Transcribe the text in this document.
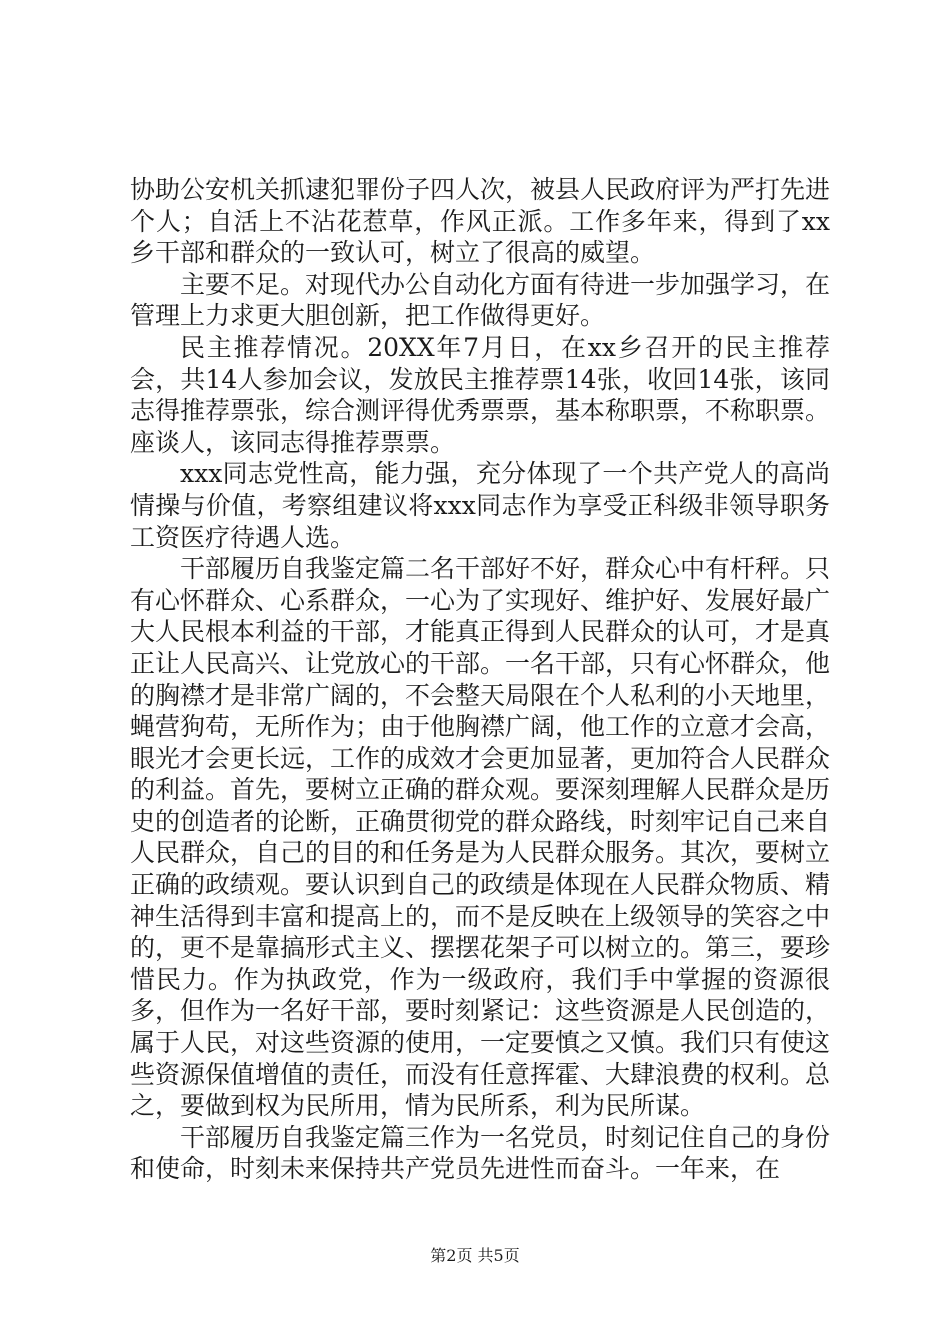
协助公安机关抓逮犯罪份子四人次，被县人民政府评为严打先进个人；自活上不沾花惹草，作风正派。工作多年来，得到了xx乡干部和群众的一致认可，树立了很高的威望。

主要不足。对现代办公自动化方面有待进一步加强学习，在管理上力求更大胆创新，把工作做得更好。

民主推荐情况。20XX年7月日，在xx乡召开的民主推荐会，共14人参加会议，发放民主推荐票14张，收回14张，该同志得推荐票张，综合测评得优秀票票，基本称职票，不称职票。座谈人，该同志得推荐票票。

xxx同志党性高，能力强，充分体现了一个共产党人的高尚情操与价值，考察组建议将xxx同志作为享受正科级非领导职务工资医疗待遇人选。

干部履历自我鉴定篇二名干部好不好，群众心中有杆秤。只有心怀群众、心系群众，一心为了实现好、维护好、发展好最广大人民根本利益的干部，才能真正得到人民群众的认可，才是真正让人民高兴、让党放心的干部。一名干部，只有心怀群众，他的胸襟才是非常广阔的，不会整天局限在个人私利的小天地里，蝇营狗苟，无所作为；由于他胸襟广阔，他工作的立意才会高，眼光才会更长远，工作的成效才会更加显著，更加符合人民群众的利益。首先，要树立正确的群众观。要深刻理解人民群众是历史的创造者的论断，正确贯彻党的群众路线，时刻牢记自己来自人民群众，自己的目的和任务是为人民群众服务。其次，要树立正确的政绩观。要认识到自己的政绩是体现在人民群众物质、精神生活得到丰富和提高上的，而不是反映在上级领导的笑容之中的，更不是靠搞形式主义、摆摆花架子可以树立的。第三，要珍惜民力。作为执政党，作为一级政府，我们手中掌握的资源很多，但作为一名好干部，要时刻紧记：这些资源是人民创造的，属于人民，对这些资源的使用，一定要慎之又慎。我们只有使这些资源保值增值的责任，而没有任意挥霍、大肆浪费的权利。总之，要做到权为民所用，情为民所系，利为民所谋。

干部履历自我鉴定篇三作为一名党员，时刻记住自己的身份和使命，时刻未来保持共产党员先进性而奋斗。一年来，在

第2页 共5页
